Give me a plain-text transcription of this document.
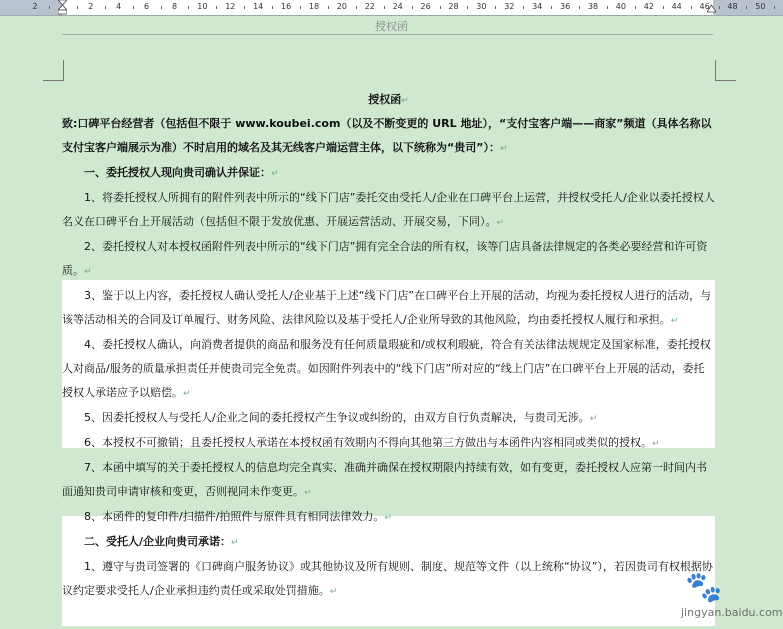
2	2	4	6	8	10 12 14 16 18 20 22 24 26 28 30 32 34 36 38 40 42 44 46 48 50
授权函

授权函↵

致:口碑平台经营者（包括但不限于 www.koubei.com（以及不断变更的 URL 地址），“支付宝客户端——商家”频道（具体名称以支付宝客户端展示为准）不时启用的域名及其无线客户端运营主体，以下统称为“贵司”）：↵

一、委托授权人现向贵司确认并保证：↵

1、将委托授权人所拥有的附件列表中所示的“线下门店”委托交由受托人/企业在口碑平台上运营，并授权受托人/企业以委托授权人名义在口碑平台上开展活动（包括但不限于发放优惠、开展运营活动、开展交易，下同）。↵

2、委托授权人对本授权函附件列表中所示的“线下门店”拥有完全合法的所有权，该等门店具备法律规定的各类必要经营和许可资质。↵

3、鉴于以上内容，委托授权人确认受托人/企业基于上述“线下门店”在口碑平台上开展的活动，均视为委托授权人进行的活动，与该等活动相关的合同及订单履行、财务风险、法律风险以及基于受托人/企业所导致的其他风险，均由委托授权人履行和承担。↵

4、委托授权人确认，向消费者提供的商品和服务没有任何质量瑕疵和/或权利瑕疵，符合有关法律法规规定及国家标准，委托授权人对商品/服务的质量承担责任并使贵司完全免责。如因附件列表中的“线下门店”所对应的“线上门店”在口碑平台上开展的活动，委托授权人承诺应予以赔偿。↵

5、因委托授权人与受托人/企业之间的委托授权产生争议或纠纷的，由双方自行负责解决，与贵司无涉。↵

6、本授权不可撤销；且委托授权人承诺在本授权函有效期内不得向其他第三方做出与本函件内容相同或类似的授权。↵

7、本函中填写的关于委托授权人的信息均完全真实、准确并确保在授权期限内持续有效，如有变更，委托授权人应第一时间内书面通知贵司申请审核和变更，否则视同未作变更。↵

8、本函件的复印件/扫描件/拍照件与原件具有相同法律效力。↵

二、受托人/企业向贵司承诺：↵

1、遵守与贵司签署的《口碑商户服务协议》或其他协议及所有规则、制度、规范等文件（以上统称“协议”），若因贵司有权根据协议约定要求受托人/企业承担违约责任或采取处罚措施。↵	🐾
jingyan.baidu.com
